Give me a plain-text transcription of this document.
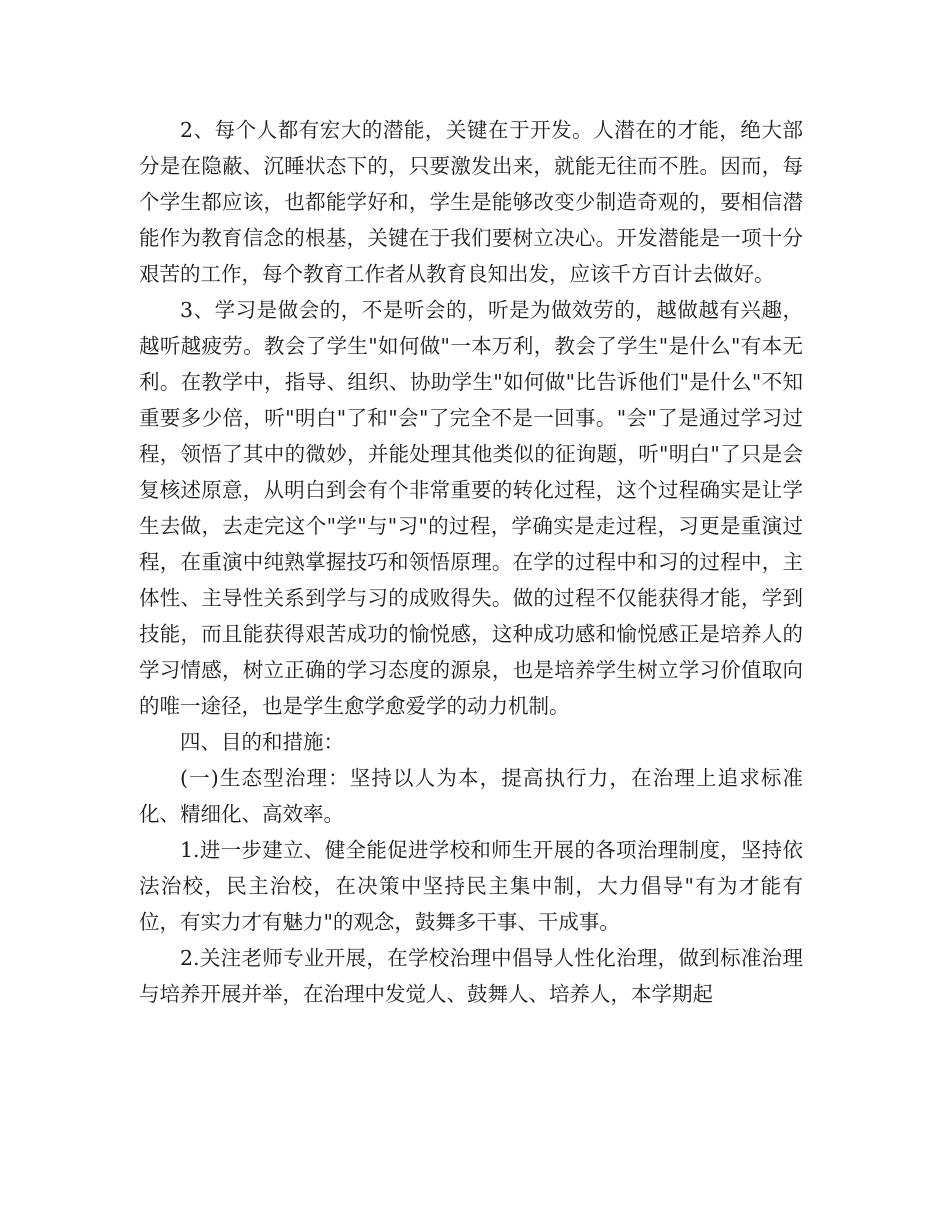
2、每个人都有宏大的潜能，关键在于开发。人潜在的才能，绝大部分是在隐蔽、沉睡状态下的，只要激发出来，就能无往而不胜。因而，每个学生都应该，也都能学好和，学生是能够改变少制造奇观的，要相信潜能作为教育信念的根基，关键在于我们要树立决心。开发潜能是一项十分艰苦的工作，每个教育工作者从教育良知出发，应该千方百计去做好。

3、学习是做会的，不是听会的，听是为做效劳的，越做越有兴趣，越听越疲劳。教会了学生"如何做"一本万利，教会了学生"是什么"有本无利。在教学中，指导、组织、协助学生"如何做"比告诉他们"是什么"不知重要多少倍，听"明白"了和"会"了完全不是一回事。"会"了是通过学习过程，领悟了其中的微妙，并能处理其他类似的征询题，听"明白"了只是会复核述原意，从明白到会有个非常重要的转化过程，这个过程确实是让学生去做，去走完这个"学"与"习"的过程，学确实是走过程，习更是重演过程，在重演中纯熟掌握技巧和领悟原理。在学的过程中和习的过程中，主体性、主导性关系到学与习的成败得失。做的过程不仅能获得才能，学到技能，而且能获得艰苦成功的愉悦感，这种成功感和愉悦感正是培养人的学习情感，树立正确的学习态度的源泉，也是培养学生树立学习价值取向的唯一途径，也是学生愈学愈爱学的动力机制。

四、目的和措施：

(一)生态型治理：坚持以人为本，提高执行力，在治理上追求标准化、精细化、高效率。

1.进一步建立、健全能促进学校和师生开展的各项治理制度，坚持依法治校，民主治校，在决策中坚持民主集中制，大力倡导"有为才能有位，有实力才有魅力"的观念，鼓舞多干事、干成事。

2.关注老师专业开展，在学校治理中倡导人性化治理，做到标准治理与培养开展并举，在治理中发觉人、鼓舞人、培养人，本学期起
